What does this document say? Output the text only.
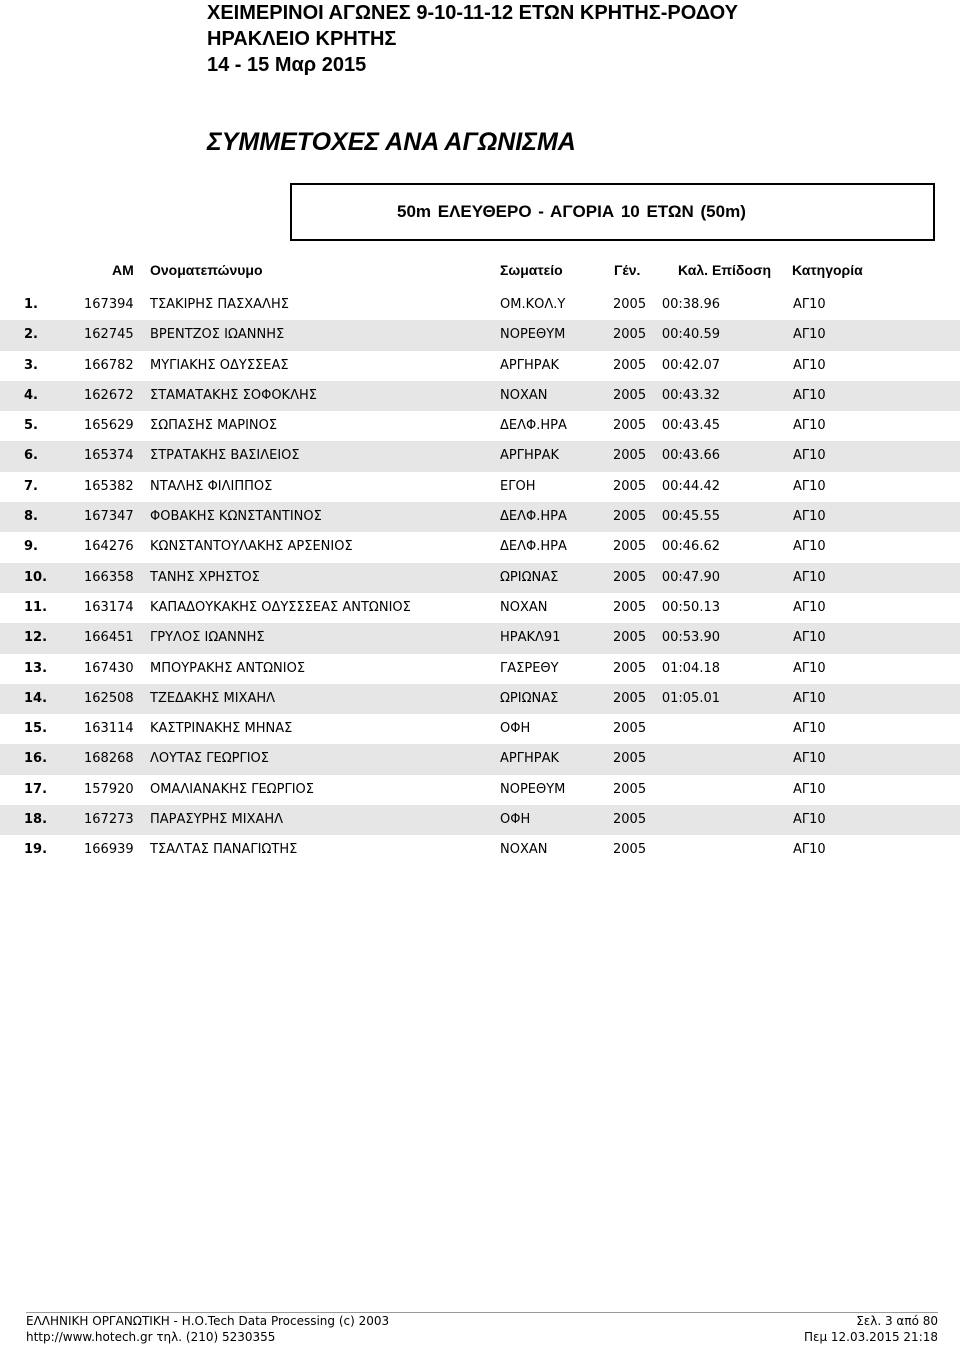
ΧΕΙΜΕΡΙΝΟΙ ΑΓΩΝΕΣ 9-10-11-12 ΕΤΩΝ ΚΡΗΤΗΣ-ΡΟΔΟΥ
ΗΡΑΚΛΕΙΟ ΚΡΗΤΗΣ
14 - 15 Μαρ 2015
ΣΥΜΜΕΤΟΧΕΣ ΑΝΑ ΑΓΩΝΙΣΜΑ
50m ΕΛΕΥΘΕΡΟ - ΑΓΟΡΙΑ 10 ΕΤΩΝ (50m)
ΑΜ Ονοματεπώνυμο	Σωματείο	Γέν.	Καλ. Επίδοση Κατηγορία
1.	167394 ΤΣΑΚΙΡΗΣ ΠΑΣΧΑΛΗΣ	ΟΜ.ΚΟΛ.Υ	2005 00:38.96	ΑΓ10
2.	162745 ΒΡΕΝΤΖΟΣ ΙΩΑΝΝΗΣ	ΝΟΡΕΘΥΜ	2005 00:40.59	ΑΓ10
3.	166782 ΜΥΓΙΑΚΗΣ ΟΔΥΣΣΕΑΣ	ΑΡΓΗΡΑΚ	2005 00:42.07	ΑΓ10
4.	162672 ΣΤΑΜΑΤΑΚΗΣ ΣΟΦΟΚΛΗΣ	ΝΟΧΑΝ	2005 00:43.32	ΑΓ10
5.	165629 ΣΩΠΑΣΗΣ ΜΑΡΙΝΟΣ	ΔΕΛΦ.ΗΡΑ	2005 00:43.45	ΑΓ10
6.	165374 ΣΤΡΑΤΑΚΗΣ ΒΑΣΙΛΕΙΟΣ	ΑΡΓΗΡΑΚ	2005 00:43.66	ΑΓ10
7.	165382 ΝΤΑΛΗΣ ΦΙΛΙΠΠΟΣ	ΕΓΟΗ	2005 00:44.42	ΑΓ10
8.	167347 ΦΟΒΑΚΗΣ ΚΩΝΣΤΑΝΤΙΝΟΣ	ΔΕΛΦ.ΗΡΑ	2005 00:45.55	ΑΓ10
9.	164276 ΚΩΝΣΤΑΝΤΟΥΛΑΚΗΣ ΑΡΣΕΝΙΟΣ	ΔΕΛΦ.ΗΡΑ	2005 00:46.62	ΑΓ10
10.	166358 ΤΑΝΗΣ ΧΡΗΣΤΟΣ	ΩΡΙΩΝΑΣ	2005 00:47.90	ΑΓ10
11.	163174 ΚΑΠΑΔΟΥΚΑΚΗΣ ΟΔΥΣΣΣΕΑΣ ΑΝΤΩΝΙΟΣ	ΝΟΧΑΝ	2005 00:50.13	ΑΓ10
12.	166451 ΓΡΥΛΟΣ ΙΩΑΝΝΗΣ	ΗΡΑΚΛ91	2005 00:53.90	ΑΓ10
13.	167430 ΜΠΟΥΡΑΚΗΣ ΑΝΤΩΝΙΟΣ	ΓΑΣΡΕΘΥ	2005 01:04.18	ΑΓ10
14.	162508 ΤΖΕΔΑΚΗΣ ΜΙΧΑΗΛ	ΩΡΙΩΝΑΣ	2005 01:05.01	ΑΓ10
15.	163114 ΚΑΣΤΡΙΝΑΚΗΣ ΜΗΝΑΣ	ΟΦΗ	2005	ΑΓ10
16.	168268 ΛΟΥΤΑΣ ΓΕΩΡΓΙΟΣ	ΑΡΓΗΡΑΚ	2005	ΑΓ10
17.	157920 ΟΜΑΛΙΑΝΑΚΗΣ ΓΕΩΡΓΙΟΣ	ΝΟΡΕΘΥΜ	2005	ΑΓ10
18.	167273 ΠΑΡΑΣΥΡΗΣ ΜΙΧΑΗΛ	ΟΦΗ	2005	ΑΓ10
19.	166939 ΤΣΑΛΤΑΣ ΠΑΝΑΓΙΩΤΗΣ	ΝΟΧΑΝ	2005	ΑΓ10
ΕΛΛΗΝΙΚΗ ΟΡΓΑΝΩΤΙΚΗ - Η.Ο.Tech Data Processing (c) 2003
http://www.hotech.gr τηλ. (210) 5230355
Σελ. 3 από 80
Πεμ 12.03.2015 21:18
